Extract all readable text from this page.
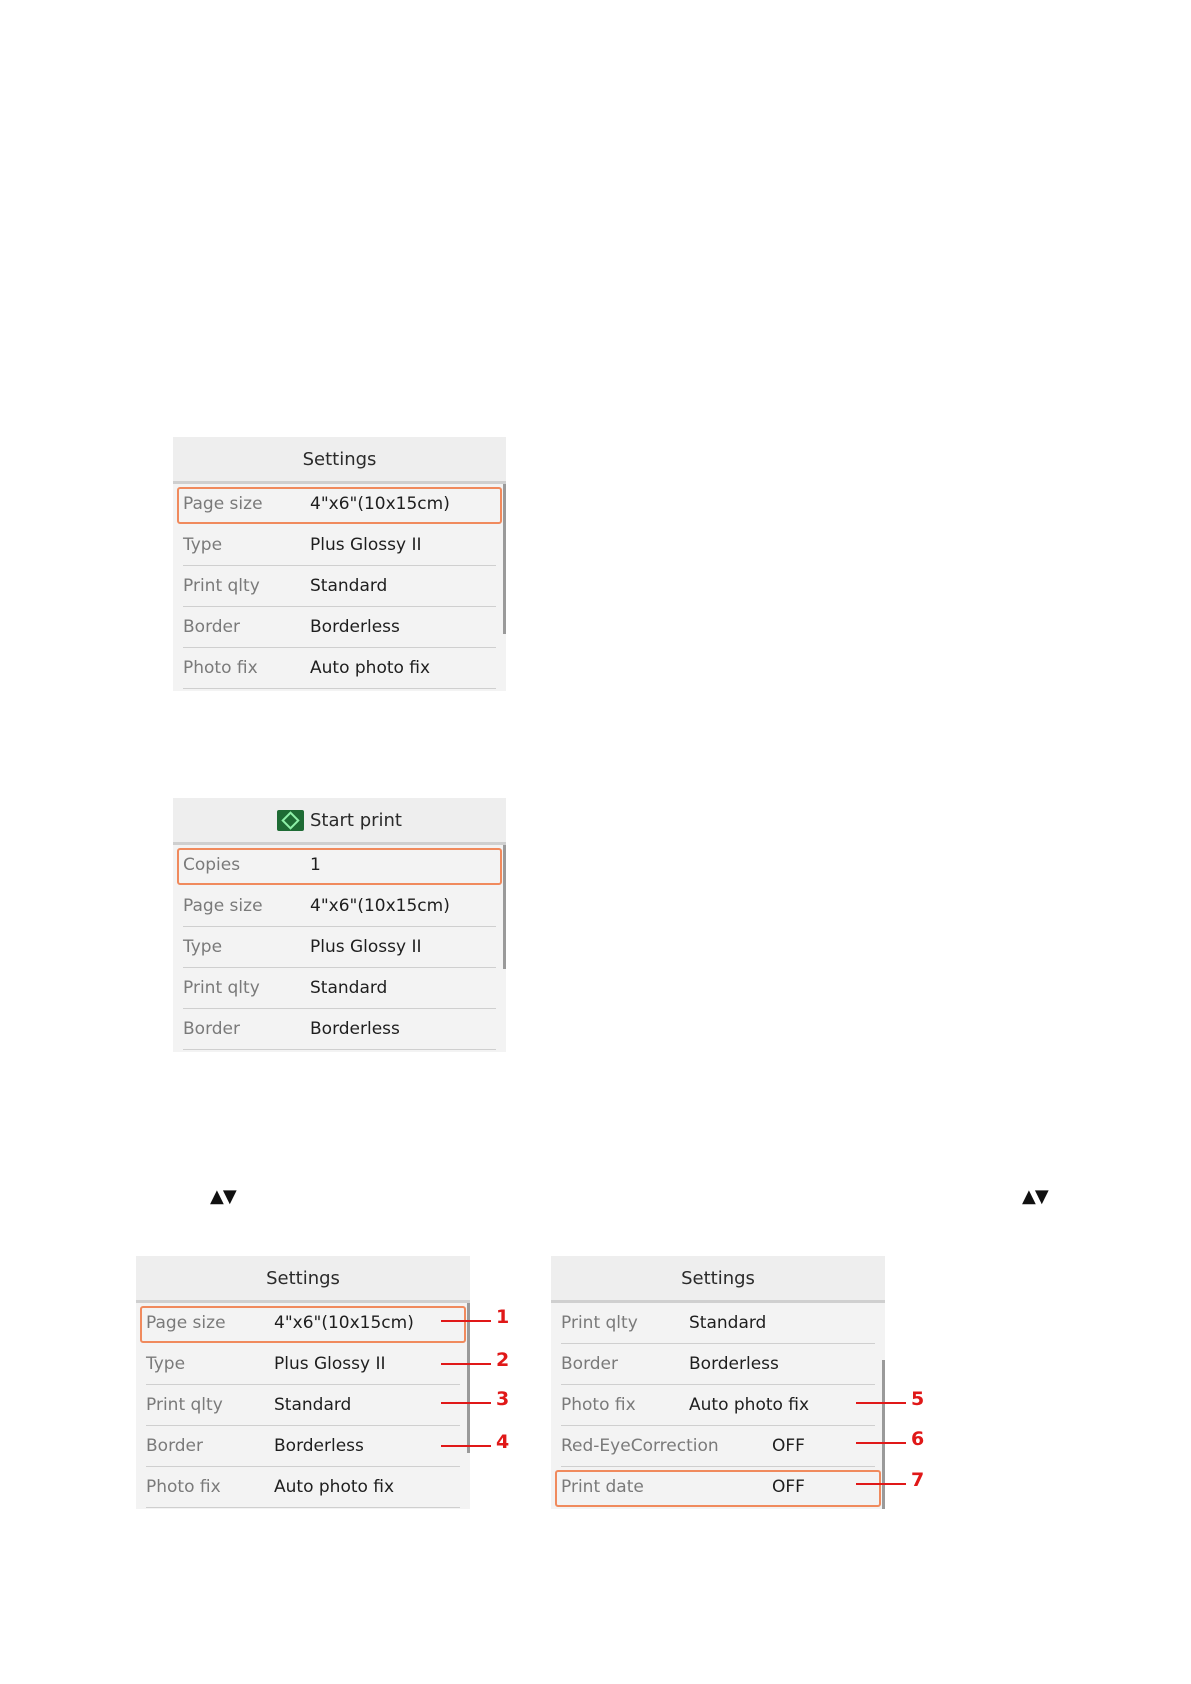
Settings
Page size	4"x6"(10x15cm)
Type	Plus Glossy II
Print qlty	Standard
Border	Borderless
Photo fix	Auto photo fix
Start print
Copies	1
Page size	4"x6"(10x15cm)
Type	Plus Glossy II
Print qlty	Standard
Border	Borderless
▲▼	▲▼
Settings
Page size	4"x6"(10x15cm)
Type	Plus Glossy II
Print qlty	Standard
Border	Borderless
Photo fix	Auto photo fix
1
2
3
4
Settings
Print qlty	Standard
Border	Borderless
Photo fix	Auto photo fix
Red-EyeCorrection	OFF
Print date	OFF
5
6
7
